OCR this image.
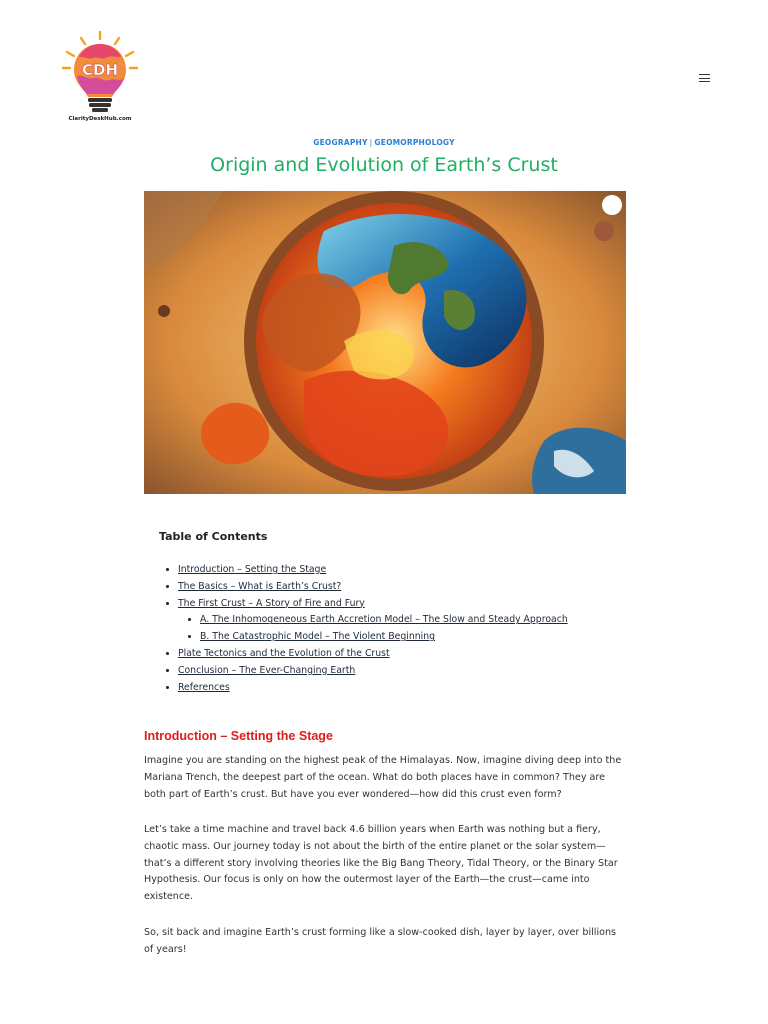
CDH
ClarityDeskHub.com
GEOGRAPHY | GEOMORPHOLOGY
Origin and Evolution of Earth’s Crust
Table of Contents
• Introduction – Setting the Stage
• The Basics – What is Earth’s Crust?
• The First Crust – A Story of Fire and Fury
• A. The Inhomogeneous Earth Accretion Model – The Slow and Steady Approach
• B. The Catastrophic Model – The Violent Beginning
• Plate Tectonics and the Evolution of the Crust
• Conclusion – The Ever-Changing Earth
• References
Introduction – Setting the Stage

Imagine you are standing on the highest peak of the Himalayas. Now, imagine diving deep into the Mariana Trench, the deepest part of the ocean. What do both places have in common? They are both part of Earth’s crust. But have you ever wondered—how did this crust even form?

Let’s take a time machine and travel back 4.6 billion years when Earth was nothing but a fiery, chaotic mass. Our journey today is not about the birth of the entire planet or the solar system—that’s a different story involving theories like the Big Bang Theory, Tidal Theory, or the Binary Star Hypothesis. Our focus is only on how the outermost layer of the Earth—the crust—came into existence.

So, sit back and imagine Earth’s crust forming like a slow-cooked dish, layer by layer, over billions of years!
